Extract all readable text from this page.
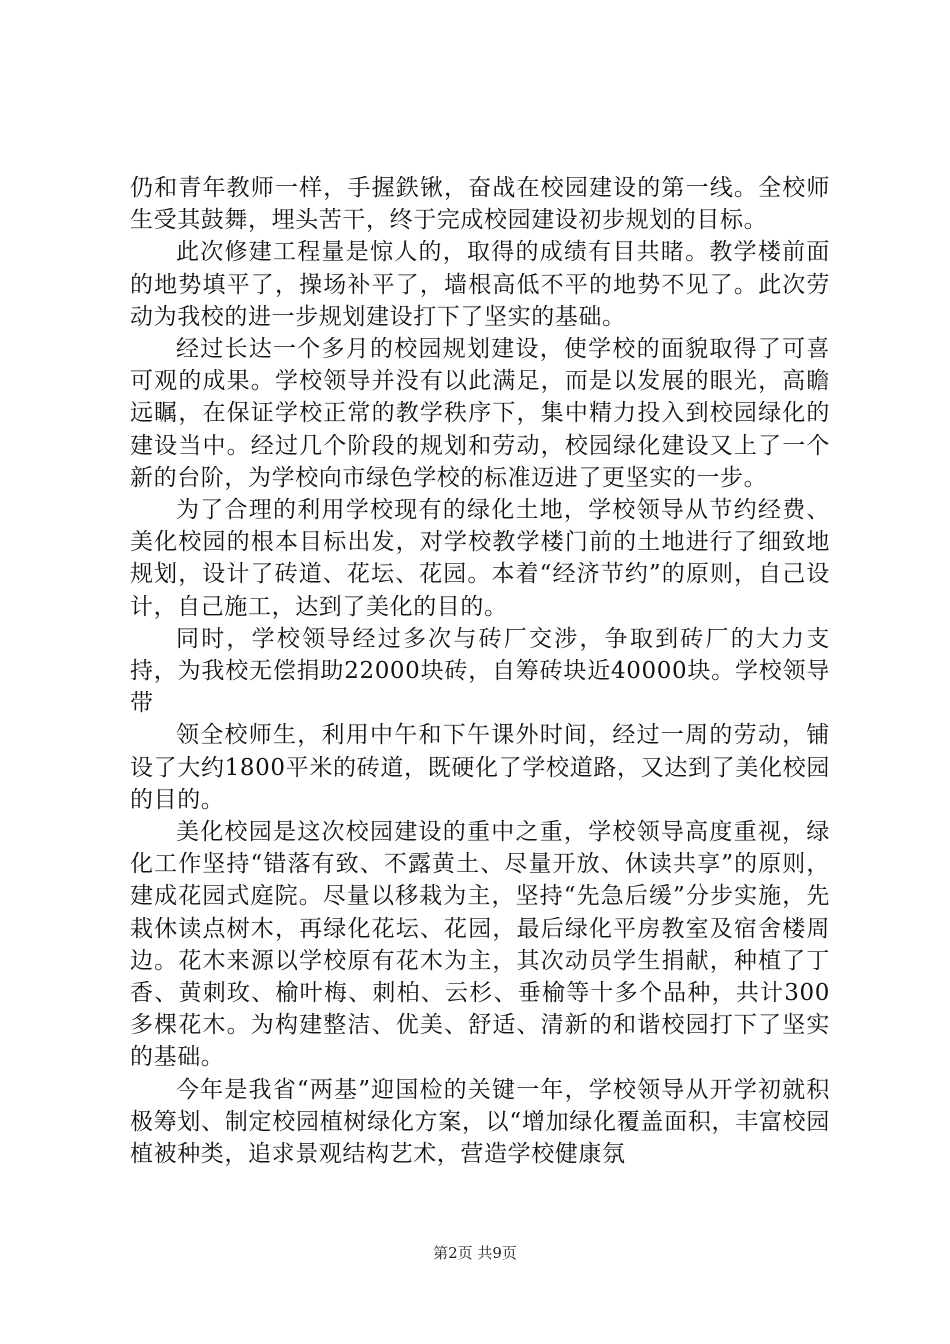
仍和青年教师一样，手握鉄锹，奋战在校园建设的第一线。全校师生受其鼓舞，埋头苦干，终于完成校园建设初步规划的目标。

此次修建工程量是惊人的，取得的成绩有目共睹。教学楼前面的地势填平了，操场补平了，墙根高低不平的地势不见了。此次劳动为我校的进一步规划建设打下了坚实的基础。

经过长达一个多月的校园规划建设，使学校的面貌取得了可喜可观的成果。学校领导并没有以此满足，而是以发展的眼光，高瞻远瞩，在保证学校正常的教学秩序下，集中精力投入到校园绿化的建设当中。经过几个阶段的规划和劳动，校园绿化建设又上了一个新的台阶，为学校向市绿色学校的标准迈进了更坚实的一步。

为了合理的利用学校现有的绿化土地，学校领导从节约经费、美化校园的根本目标出发，对学校教学楼门前的土地进行了细致地规划，设计了砖道、花坛、花园。本着“经济节约”的原则，自己设计，自己施工，达到了美化的目的。

同时，学校领导经过多次与砖厂交涉，争取到砖厂的大力支持，为我校无偿捐助22000块砖，自筹砖块近40000块。学校领导带

领全校师生，利用中午和下午课外时间，经过一周的劳动，铺设了大约1800平米的砖道，既硬化了学校道路，又达到了美化校园的目的。

美化校园是这次校园建设的重中之重，学校领导高度重视，绿化工作坚持“错落有致、不露黄土、尽量开放、休读共享”的原则，建成花园式庭院。尽量以移栽为主，坚持“先急后缓”分步实施，先栽休读点树木，再绿化花坛、花园，最后绿化平房教室及宿舍楼周边。花木来源以学校原有花木为主，其次动员学生捐献，种植了丁香、黄刺玫、榆叶梅、刺柏、云杉、垂榆等十多个品种，共计300多棵花木。为构建整洁、优美、舒适、清新的和谐校园打下了坚实的基础。

今年是我省“两基”迎国检的关键一年，学校领导从开学初就积极筹划、制定校园植树绿化方案，以“增加绿化覆盖面积，丰富校园植被种类，追求景观结构艺术，营造学校健康氛

第2页 共9页
